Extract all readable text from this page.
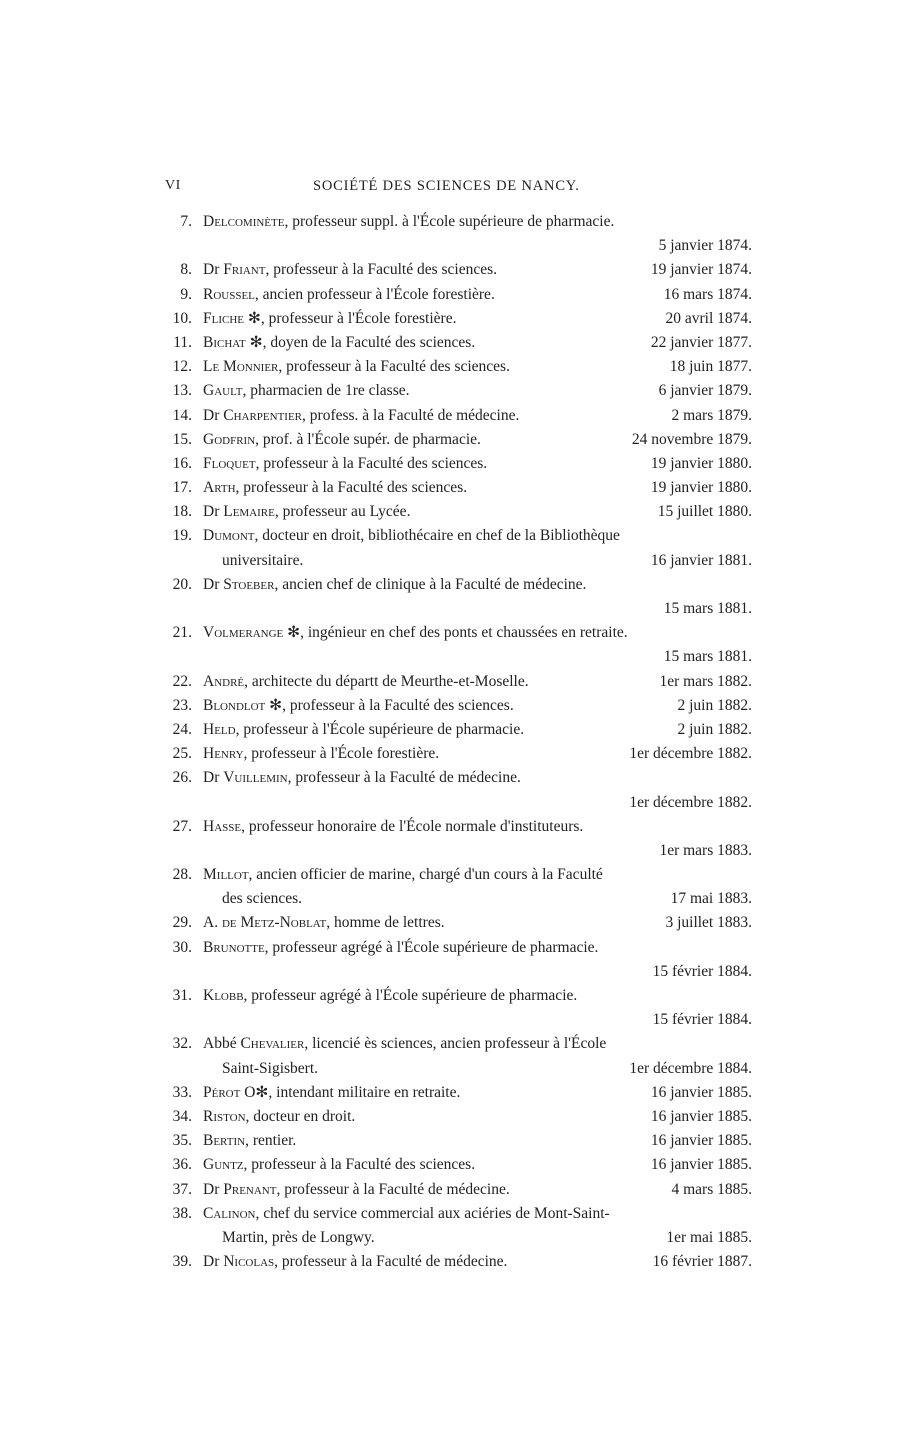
VI	SOCIÉTÉ DES SCIENCES DE NANCY.
7. Delcominète, professeur suppl. à l'École supérieure de pharmacie.
5 janvier 1874.
8. Dr Friant, professeur à la Faculté des sciences.	19 janvier 1874.
9. Roussel, ancien professeur à l'École forestière.	16 mars 1874.
10. Fliche ✻, professeur à l'École forestière.	20 avril 1874.
11. Bichat ✻, doyen de la Faculté des sciences.	22 janvier 1877.
12. Le Monnier, professeur à la Faculté des sciences.	18 juin 1877.
13. Gault, pharmacien de 1re classe.	6 janvier 1879.
14. Dr Charpentier, profess. à la Faculté de médecine.	2 mars 1879.
15. Godfrin, prof. à l'École supér. de pharmacie.	24 novembre 1879.
16. Floquet, professeur à la Faculté des sciences.	19 janvier 1880.
17. Arth, professeur à la Faculté des sciences.	19 janvier 1880.
18. Dr Lemaire, professeur au Lycée.	15 juillet 1880.
19. Dumont, docteur en droit, bibliothécaire en chef de la Bibliothèque
universitaire.	16 janvier 1881.
20. Dr Stoeber, ancien chef de clinique à la Faculté de médecine.
15 mars 1881.
21. Volmerange ✻, ingénieur en chef des ponts et chaussées en retraite.
15 mars 1881.
22. André, architecte du départt de Meurthe-et-Moselle.	1er mars 1882.
23. Blondlot ✻, professeur à la Faculté des sciences.	2 juin 1882.
24. Held, professeur à l'École supérieure de pharmacie.	2 juin 1882.
25. Henry, professeur à l'École forestière.	1er décembre 1882.
26. Dr Vuillemin, professeur à la Faculté de médecine.
1er décembre 1882.
27. Hasse, professeur honoraire de l'École normale d'instituteurs.
1er mars 1883.
28. Millot, ancien officier de marine, chargé d'un cours à la Faculté
des sciences.	17 mai 1883.
29. A. de Metz-Noblat, homme de lettres.	3 juillet 1883.
30. Brunotte, professeur agrégé à l'École supérieure de pharmacie.
15 février 1884.
31. Klobb, professeur agrégé à l'École supérieure de pharmacie.
15 février 1884.
32. Abbé Chevalier, licencié ès sciences, ancien professeur à l'École
Saint-Sigisbert.	1er décembre 1884.
33. Pérot O✻, intendant militaire en retraite.	16 janvier 1885.
34. Riston, docteur en droit.	16 janvier 1885.
35. Bertin, rentier.	16 janvier 1885.
36. Guntz, professeur à la Faculté des sciences.	16 janvier 1885.
37. Dr Prenant, professeur à la Faculté de médecine.	4 mars 1885.
38. Calinon, chef du service commercial aux aciéries de Mont-Saint-
Martin, près de Longwy.	1er mai 1885.
39. Dr Nicolas, professeur à la Faculté de médecine.	16 février 1887.
